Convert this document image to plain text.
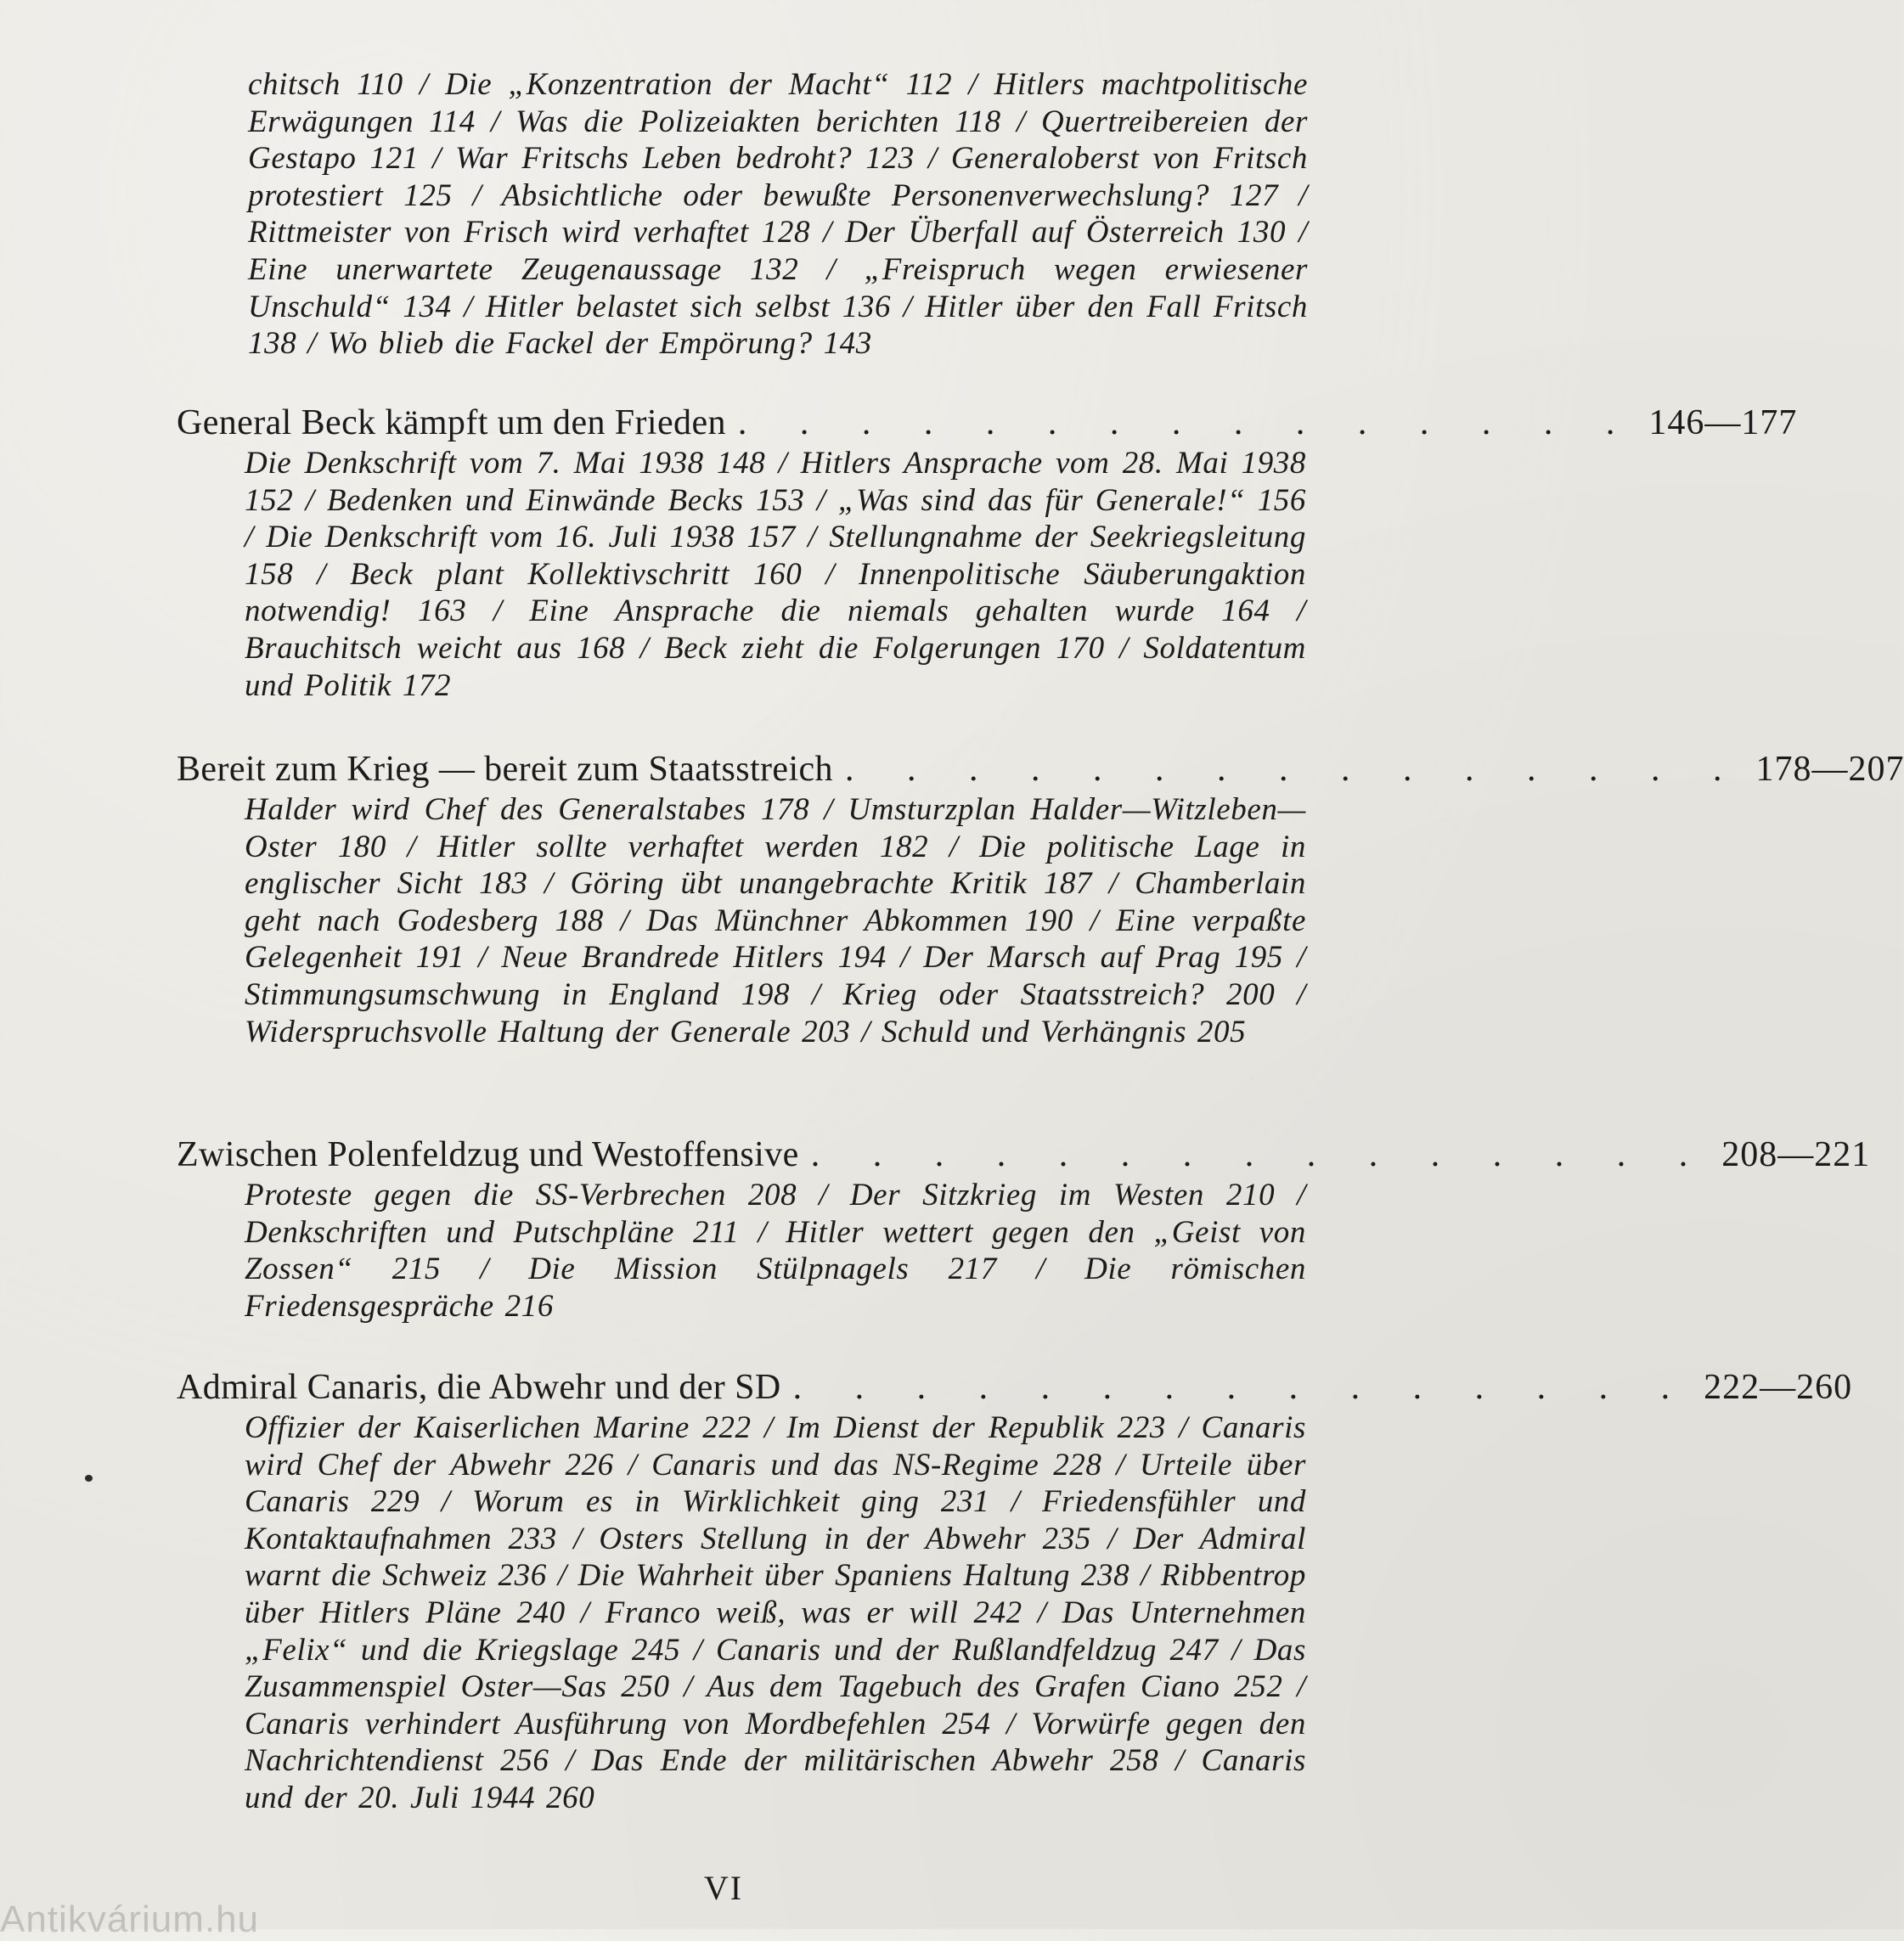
chitsch 110 / Die „Konzentration der Macht“ 112 / Hitlers machtpolitische Erwägungen 114 / Was die Polizeiakten berichten 118 / Quertreibereien der Gestapo 121 / War Fritschs Leben bedroht? 123 / Generaloberst von Fritsch protestiert 125 / Absichtliche oder bewußte Personenverwechslung? 127 / Rittmeister von Frisch wird verhaftet 128 / Der Überfall auf Österreich 130 / Eine unerwartete Zeugenaussage 132 / „Freispruch wegen erwiesener Unschuld“ 134 / Hitler belastet sich selbst 136 / Hitler über den Fall Fritsch 138 / Wo blieb die Fackel der Empörung? 143

General Beck kämpft um den Frieden . . . . . . . . . . . . . . . 146—177
Die Denkschrift vom 7. Mai 1938 148 / Hitlers Ansprache vom 28. Mai 1938 152 / Bedenken und Einwände Becks 153 / „Was sind das für Generale!“ 156 / Die Denkschrift vom 16. Juli 1938 157 / Stellungnahme der Seekriegsleitung 158 / Beck plant Kollektivschritt 160 / Innenpolitische Säuberungaktion notwendig! 163 / Eine Ansprache die niemals gehalten wurde 164 / Brauchitsch weicht aus 168 / Beck zieht die Folgerungen 170 / Soldatentum und Politik 172
Bereit zum Krieg — bereit zum Staatsstreich . . . . . . . . . . . . . . . 178—207
Halder wird Chef des Generalstabes 178 / Umsturzplan Halder—Witzleben—Oster 180 / Hitler sollte verhaftet werden 182 / Die politische Lage in englischer Sicht 183 / Göring übt unangebrachte Kritik 187 / Chamberlain geht nach Godesberg 188 / Das Münchner Abkommen 190 / Eine verpaßte Gelegenheit 191 / Neue Brandrede Hitlers 194 / Der Marsch auf Prag 195 / Stimmungsumschwung in England 198 / Krieg oder Staatsstreich? 200 / Widerspruchsvolle Haltung der Generale 203 / Schuld und Verhängnis 205
Zwischen Polenfeldzug und Westoffensive . . . . . . . . . . . . . . . 208—221
Proteste gegen die SS-Verbrechen 208 / Der Sitzkrieg im Westen 210 / Denkschriften und Putschpläne 211 / Hitler wettert gegen den „Geist von Zossen“ 215 / Die Mission Stülpnagels 217 / Die römischen Friedensgespräche 216
Admiral Canaris, die Abwehr und der SD . . . . . . . . . . . . . . . 222—260
Offizier der Kaiserlichen Marine 222 / Im Dienst der Republik 223 / Canaris wird Chef der Abwehr 226 / Canaris und das NS-Regime 228 / Urteile über Canaris 229 / Worum es in Wirklichkeit ging 231 / Friedensfühler und Kontaktaufnahmen 233 / Osters Stellung in der Abwehr 235 / Der Admiral warnt die Schweiz 236 / Die Wahrheit über Spaniens Haltung 238 / Ribbentrop über Hitlers Pläne 240 / Franco weiß, was er will 242 / Das Unternehmen „Felix“ und die Kriegslage 245 / Canaris und der Rußlandfeldzug 247 / Das Zusammenspiel Oster—Sas 250 / Aus dem Tagebuch des Grafen Ciano 252 / Canaris verhindert Ausführung von Mordbefehlen 254 / Vorwürfe gegen den Nachrichtendienst 256 / Das Ende der militärischen Abwehr 258 / Canaris und der 20. Juli 1944 260
VI
Antikvárium.hu
